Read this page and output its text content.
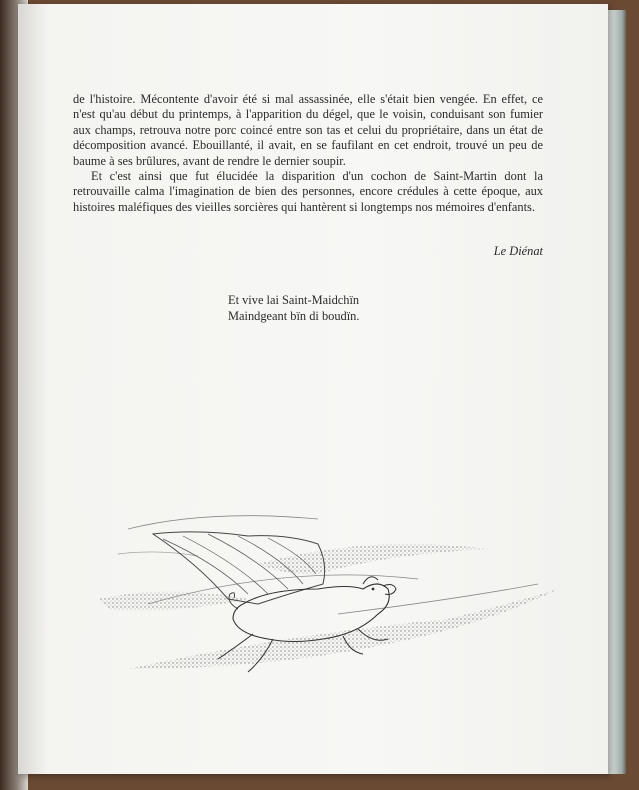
de l'histoire. Mécontente d'avoir été si mal assassinée, elle s'était bien vengée. En effet, ce n'est qu'au début du printemps, à l'apparition du dégel, que le voisin, conduisant son fumier aux champs, retrouva notre porc coincé entre son tas et celui du propriétaire, dans un état de décomposition avancé. Ebouillanté, il avait, en se faufilant en cet endroit, trouvé un peu de baume à ses brûlures, avant de rendre le dernier soupir.

Et c'est ainsi que fut élucidée la disparition d'un cochon de Saint-Martin dont la retrouvaille calma l'imagination de bien des personnes, encore crédules à cette époque, aux histoires maléfiques des vieilles sorcières qui hantèrent si longtemps nos mémoires d'enfants.

Le Diénat
Et vive lai Saint-Maidchïn
Maindgeant bïn di boudïn.
